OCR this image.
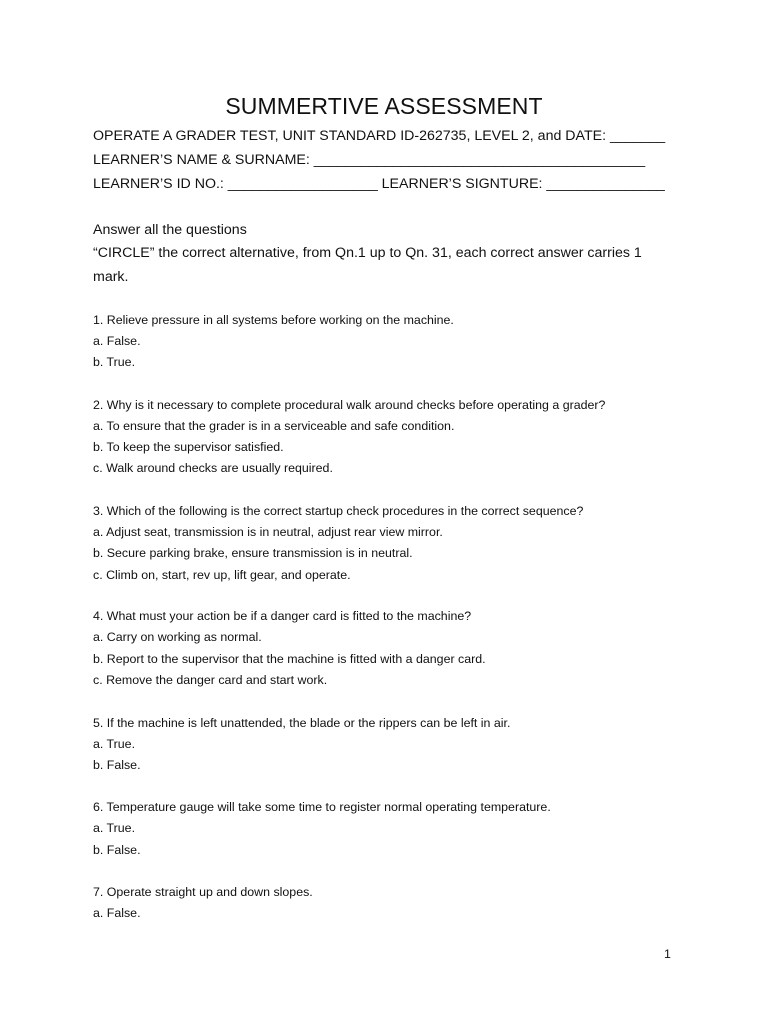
SUMMERTIVE ASSESSMENT
OPERATE A GRADER TEST, UNIT STANDARD ID-262735, LEVEL 2, and DATE: _______
LEARNER’S NAME & SURNAME: __________________________________________
LEARNER’S ID NO.: ___________________ LEARNER’S SIGNTURE: _______________
Answer all the questions
“CIRCLE” the correct alternative, from Qn.1 up to Qn. 31, each correct answer carries 1 mark.
1. Relieve pressure in all systems before working on the machine.
a. False.
b. True.
2. Why is it necessary to complete procedural walk around checks before operating a grader?
a. To ensure that the grader is in a serviceable and safe condition.
b. To keep the supervisor satisfied.
c. Walk around checks are usually required.
3. Which of the following is the correct startup check procedures in the correct sequence?
a. Adjust seat, transmission is in neutral, adjust rear view mirror.
b. Secure parking brake, ensure transmission is in neutral.
c. Climb on, start, rev up, lift gear, and operate.
4. What must your action be if a danger card is fitted to the machine?
a. Carry on working as normal.
b. Report to the supervisor that the machine is fitted with a danger card.
c. Remove the danger card and start work.
5. If the machine is left unattended, the blade or the rippers can be left in air.
a. True.
b. False.
6. Temperature gauge will take some time to register normal operating temperature.
a. True.
b. False.
7. Operate straight up and down slopes.
a. False.
1
